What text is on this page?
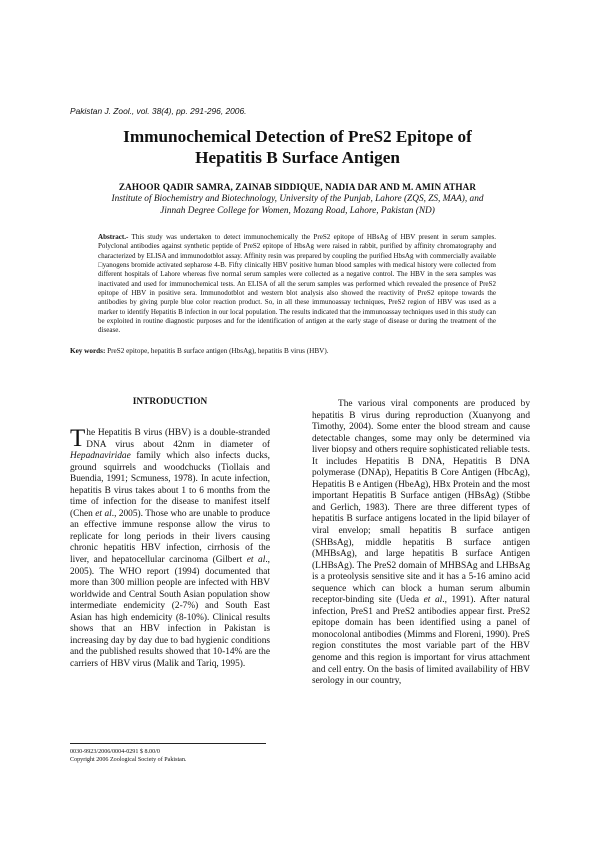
Pakistan J. Zool., vol. 38(4), pp. 291-296, 2006.
Immunochemical Detection of PreS2 Epitope of
Hepatitis B Surface Antigen
ZAHOOR QADIR SAMRA, ZAINAB SIDDIQUE, NADIA DAR AND M. AMIN ATHAR
Institute of Biochemistry and Biotechnology, University of the Punjab, Lahore (ZQS, ZS, MAA), and
Jinnah Degree College for Women, Mozang Road, Lahore, Pakistan (ND)
Abstract.- This study was undertaken to detect immunochemically the PreS2 epitope of HBsAg of HBV present in serum samples. Polyclonal antibodies against synthetic peptide of PreS2 epitope of HbsAg were raised in rabbit, purified by affinity chromatography and characterized by ELISA and immunodotblot assay. Affinity resin was prepared by coupling the purified HbsAg with commercially available □yanogens bromide activated sepharose 4-B. Fifty clinically HBV positive human blood samples with medical history were collected from different hospitals of Lahore whereas five normal serum samples were collected as a negative control. The HBV in the sera samples was inactivated and used for immunochemical tests. An ELISA of all the serum samples was performed which revealed the presence of PreS2 epitope of HBV in positive sera. Immunodotblot and western blot analysis also showed the reactivity of PreS2 epitope towards the antibodies by giving purple blue color reaction product. So, in all these immunoassay techniques, PreS2 region of HBV was used as a marker to identify Hepatitis B infection in our local population. The results indicated that the immunoassay techniques used in this study can be exploited in routine diagnostic purposes and for the identification of antigen at the early stage of disease or during the treatment of the disease.
Key words: PreS2 epitope, hepatitis B surface antigen (HbsAg), hepatitis B virus (HBV).
INTRODUCTION
The Hepatitis B virus (HBV) is a double-stranded DNA virus about 42nm in diameter of Hepadnaviridae family which also infects ducks, ground squirrels and woodchucks (Tiollais and Buendia, 1991; Scmuness, 1978). In acute infection, hepatitis B virus takes about 1 to 6 months from the time of infection for the disease to manifest itself (Chen et al., 2005). Those who are unable to produce an effective immune response allow the virus to replicate for long periods in their livers causing chronic hepatitis HBV infection, cirrhosis of the liver, and hepatocellular carcinoma (Gilbert et al., 2005). The WHO report (1994) documented that more than 300 million people are infected with HBV worldwide and Central South Asian population show intermediate endemicity (2-7%) and South East Asian has high endemicity (8-10%). Clinical results shows that an HBV infection in Pakistan is increasing day by day due to bad hygienic conditions and the published results showed that 10-14% are the carriers of HBV virus (Malik and Tariq, 1995).
The various viral components are produced by hepatitis B virus during reproduction (Xuanyong and Timothy, 2004). Some enter the blood stream and cause detectable changes, some may only be determined via liver biopsy and others require sophisticated reliable tests. It includes Hepatitis B DNA, Hepatitis B DNA polymerase (DNAp), Hepatitis B Core Antigen (HbcAg), Hepatitis B e Antigen (HbeAg), HBx Protein and the most important Hepatitis B Surface antigen (HBsAg) (Stibbe and Gerlich, 1983). There are three different types of hepatitis B surface antigens located in the lipid bilayer of viral envelop; small hepatitis B surface antigen (SHBsAg), middle hepatitis B surface antigen (MHBsAg), and large hepatitis B surface Antigen (LHBsAg). The PreS2 domain of MHBSAg and LHBsAg is a proteolysis sensitive site and it has a 5-16 amino acid sequence which can block a human serum albumin receptor-binding site (Ueda et al., 1991). After natural infection, PreS1 and PreS2 antibodies appear first. PreS2 epitope domain has been identified using a panel of monocolonal antibodies (Mimms and Floreni, 1990). PreS region constitutes the most variable part of the HBV genome and this region is important for virus attachment and cell entry. On the basis of limited availability of HBV serology in our country,
0030-9923/2006/0004-0291 $ 8.00/0
Copyright 2006 Zoological Society of Pakistan.
